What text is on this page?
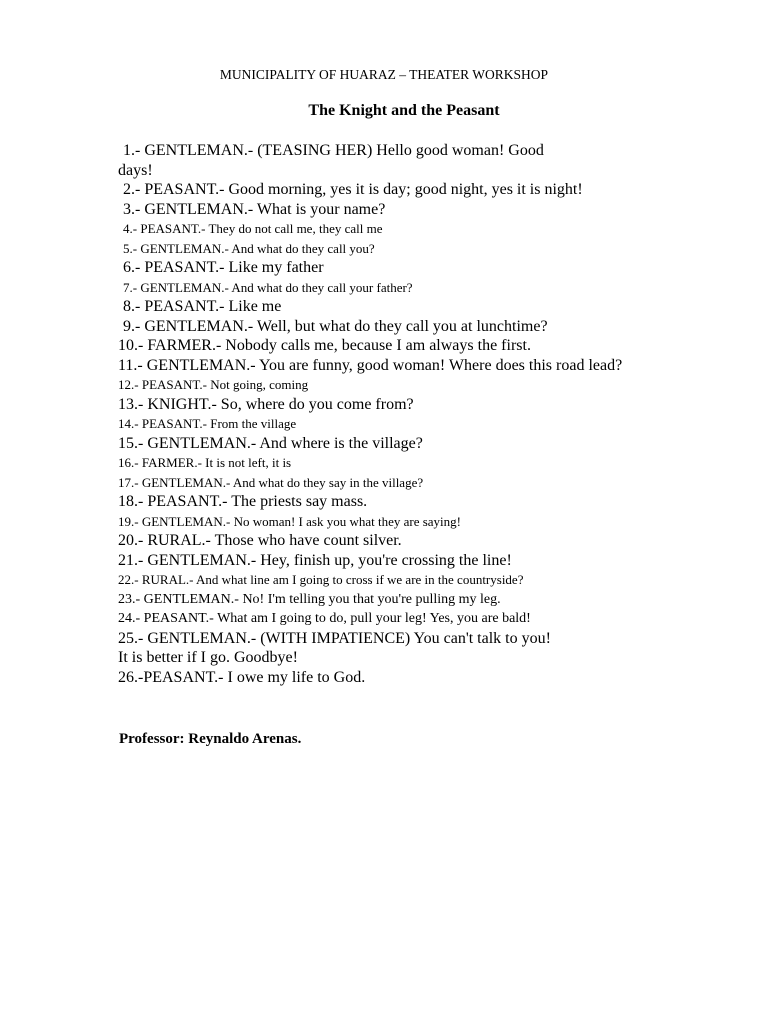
MUNICIPALITY OF HUARAZ – THEATER WORKSHOP
The Knight and the Peasant
1.- GENTLEMAN.- (TEASING HER) Hello good woman! Good
days!
2.- PEASANT.- Good morning, yes it is day; good night, yes it is night!
3.- GENTLEMAN.- What is your name?
4.- PEASANT.- They do not call me, they call me
5.- GENTLEMAN.- And what do they call you?
6.- PEASANT.- Like my father
7.- GENTLEMAN.- And what do they call your father?
8.- PEASANT.- Like me
9.- GENTLEMAN.- Well, but what do they call you at lunchtime?
10.- FARMER.- Nobody calls me, because I am always the first.
11.- GENTLEMAN.- You are funny, good woman! Where does this road lead?
12.- PEASANT.- Not going, coming
13.- KNIGHT.- So, where do you come from?
14.- PEASANT.- From the village
15.- GENTLEMAN.- And where is the village?
16.- FARMER.- It is not left, it is
17.- GENTLEMAN.- And what do they say in the village?
18.- PEASANT.- The priests say mass.
19.- GENTLEMAN.- No woman! I ask you what they are saying!
20.- RURAL.- Those who have count silver.
21.- GENTLEMAN.- Hey, finish up, you're crossing the line!
22.- RURAL.- And what line am I going to cross if we are in the countryside?
23.- GENTLEMAN.- No! I'm telling you that you're pulling my leg.
24.- PEASANT.- What am I going to do, pull your leg! Yes, you are bald!
25.- GENTLEMAN.- (WITH IMPATIENCE) You can't talk to you!
It is better if I go. Goodbye!
26.-PEASANT.- I owe my life to God.
Professor: Reynaldo Arenas.
